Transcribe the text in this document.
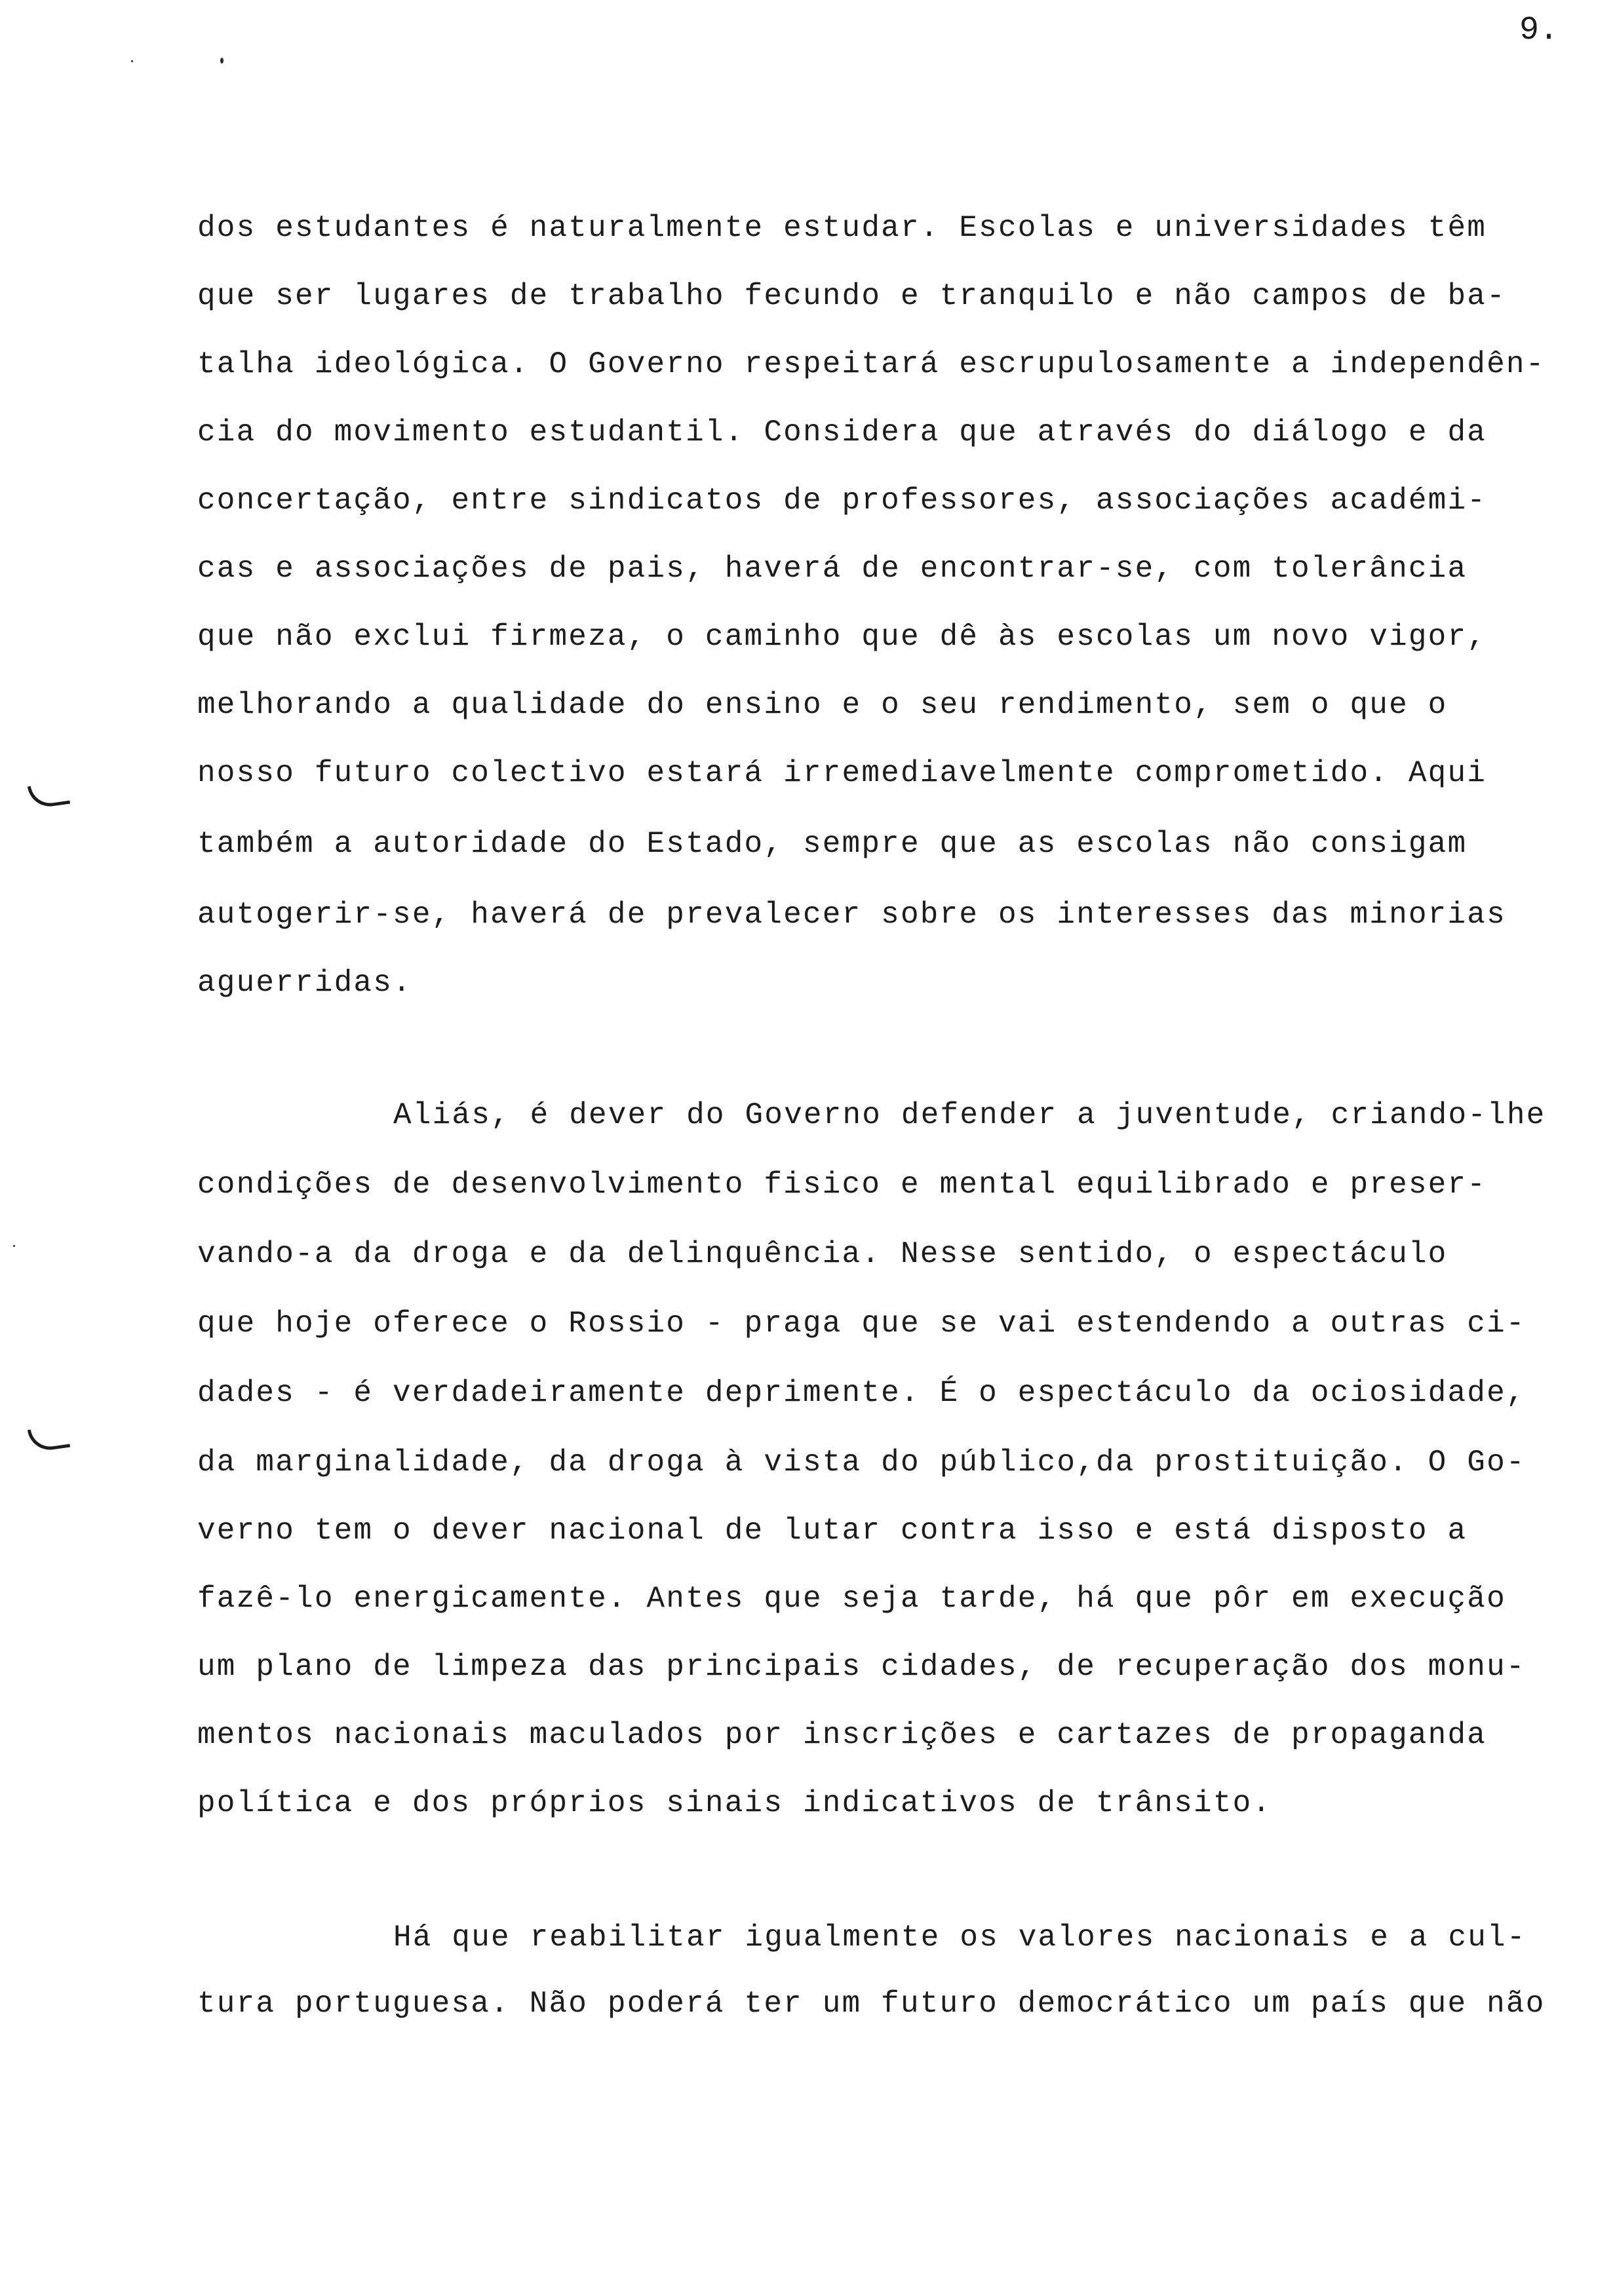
9.
dos estudantes é naturalmente estudar. Escolas e universidades têm
que ser lugares de trabalho fecundo e tranquilo e não campos de ba-
talha ideológica. O Governo respeitará escrupulosamente a independên-
cia do movimento estudantil. Considera que através do diálogo e da
concertação, entre sindicatos de professores, associações académi-
cas e associações de pais, haverá de encontrar-se, com tolerância
que não exclui firmeza, o caminho que dê às escolas um novo vigor,
melhorando a qualidade do ensino e o seu rendimento, sem o que o
nosso futuro colectivo estará irremediavelmente comprometido. Aqui
também a autoridade do Estado, sempre que as escolas não consigam
autogerir-se, haverá de prevalecer sobre os interesses das minorias
aguerridas.
Aliás, é dever do Governo defender a juventude, criando-lhe
condições de desenvolvimento fisico e mental equilibrado e preser-
vando-a da droga e da delinquência. Nesse sentido, o espectáculo
que hoje oferece o Rossio - praga que se vai estendendo a outras ci-
dades - é verdadeiramente deprimente. É o espectáculo da ociosidade,
da marginalidade, da droga à vista do público,da prostituição. O Go-
verno tem o dever nacional de lutar contra isso e está disposto a
fazê-lo energicamente. Antes que seja tarde, há que pôr em execução
um plano de limpeza das principais cidades, de recuperação dos monu-
mentos nacionais maculados por inscrições e cartazes de propaganda
política e dos próprios sinais indicativos de trânsito.
Há que reabilitar igualmente os valores nacionais e a cul-
tura portuguesa. Não poderá ter um futuro democrático um país que não
